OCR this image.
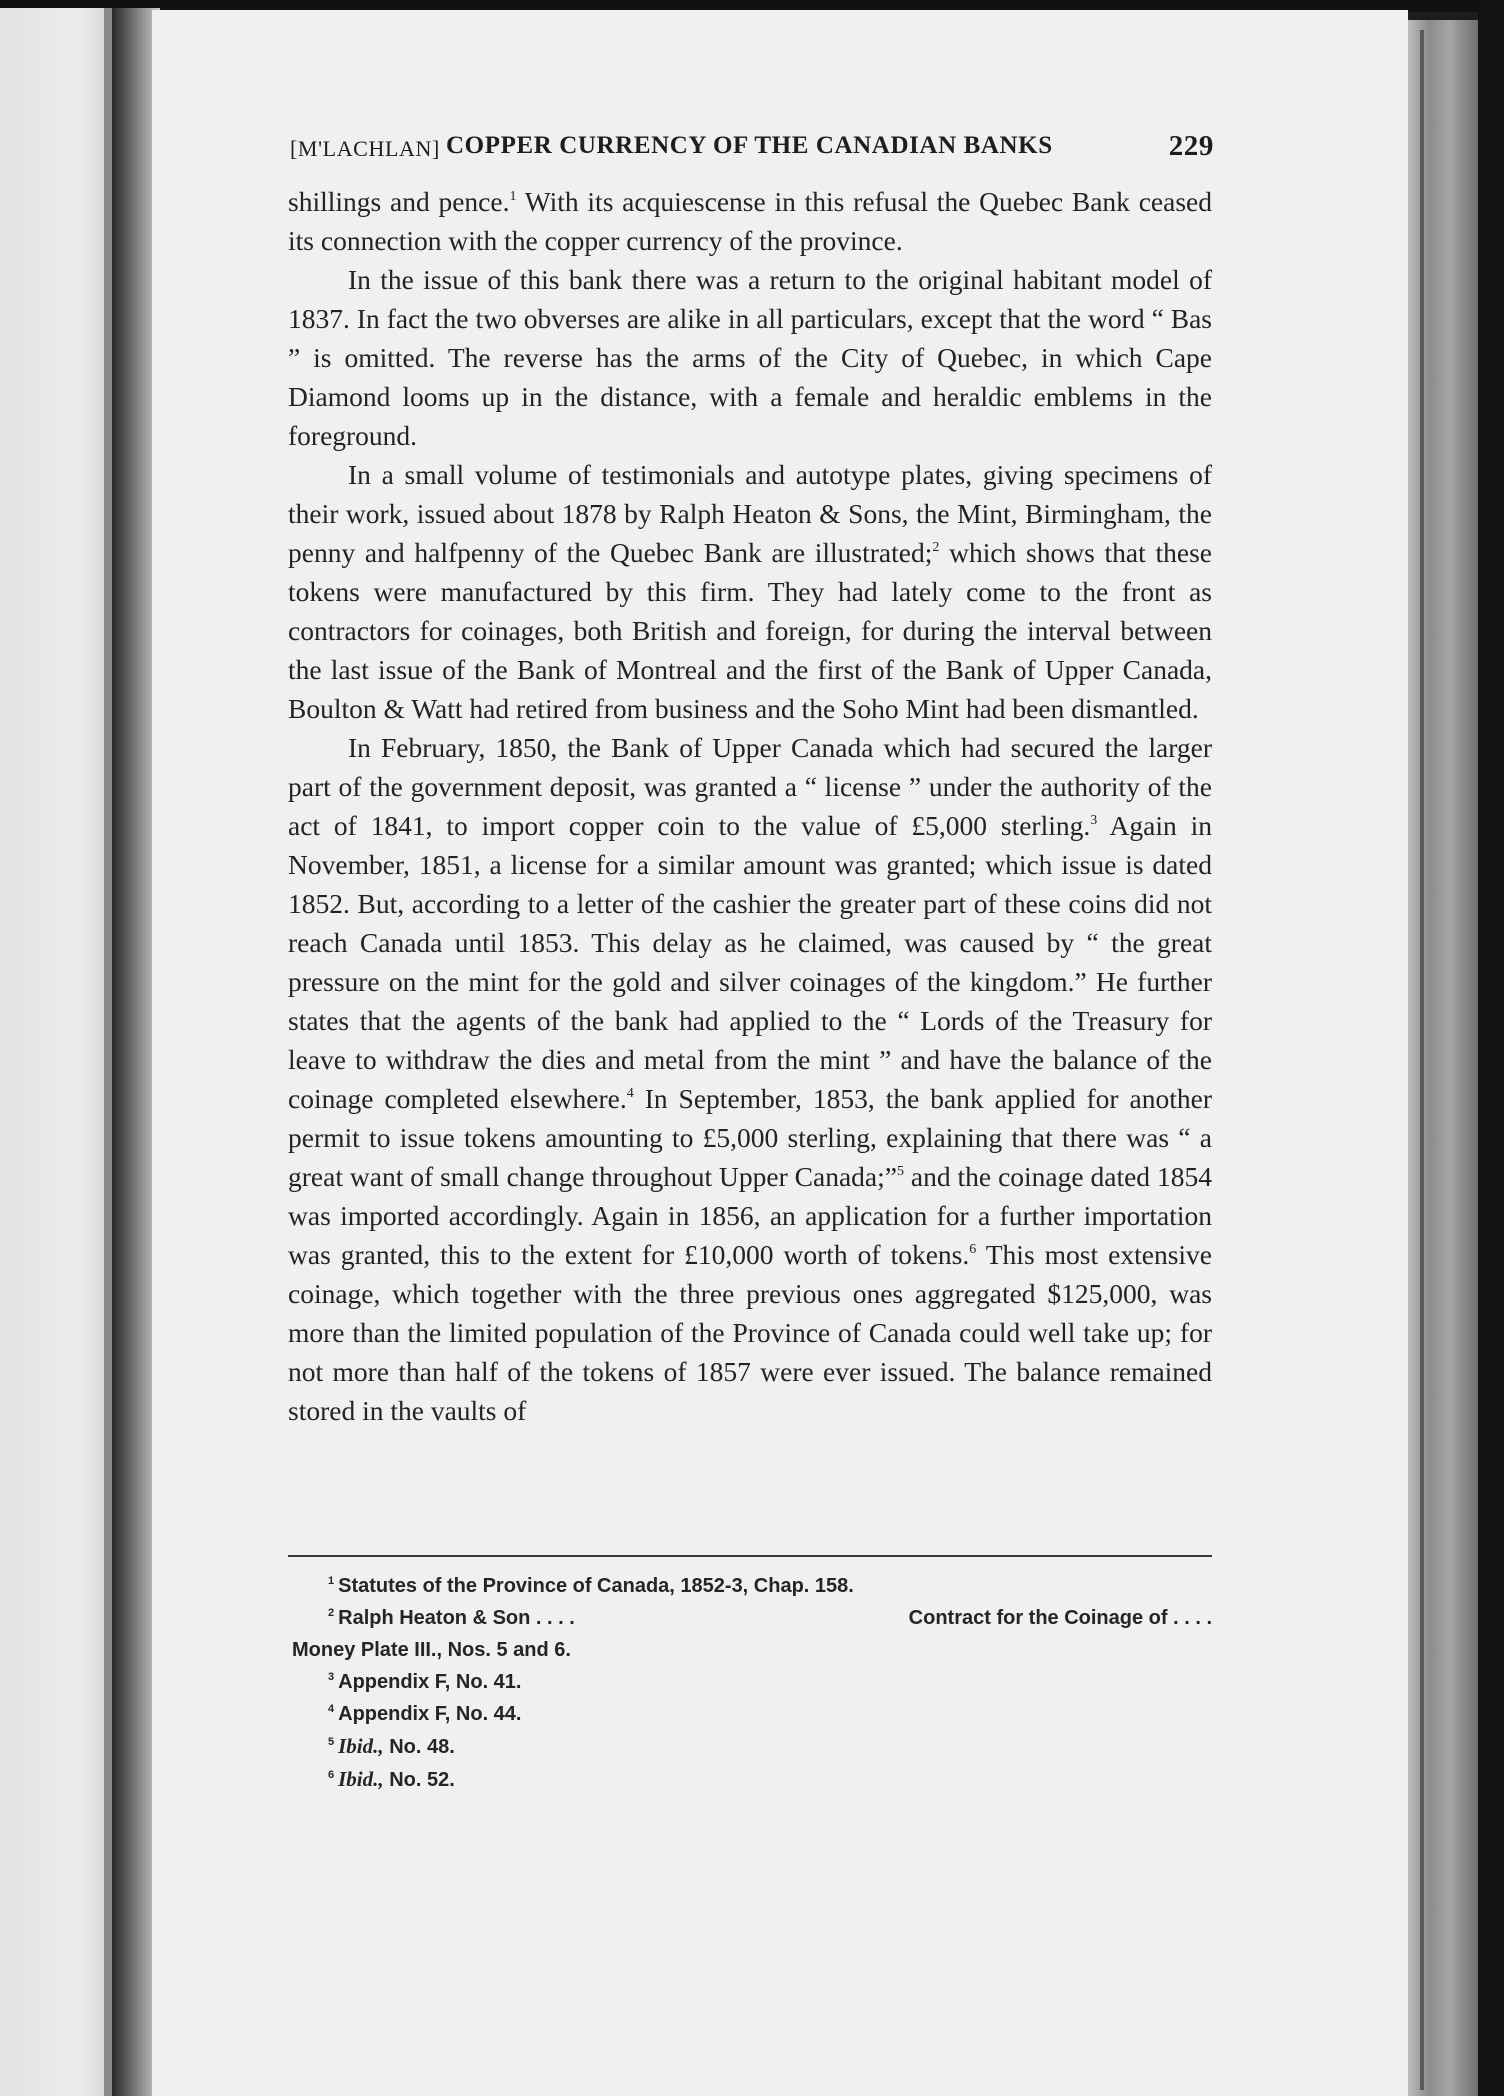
[M'LACHLAN] COPPER CURRENCY OF THE CANADIAN BANKS	229

shillings and pence.$^1$ With its acquiescense in this refusal the Quebec Bank ceased its connection with the copper currency of the province.

In the issue of this bank there was a return to the original habitant model of 1837. In fact the two obverses are alike in all particulars, except that the word “ Bas ” is omitted. The reverse has the arms of the City of Quebec, in which Cape Diamond looms up in the distance, with a female and heraldic emblems in the foreground.

In a small volume of testimonials and autotype plates, giving specimens of their work, issued about 1878 by Ralph Heaton & Sons, the Mint, Birmingham, the penny and halfpenny of the Quebec Bank are illustrated;$^2$ which shows that these tokens were manufactured by this firm. They had lately come to the front as contractors for coinages, both British and foreign, for during the interval between the last issue of the Bank of Montreal and the first of the Bank of Upper Canada, Boulton & Watt had retired from business and the Soho Mint had been dismantled.

In February, 1850, the Bank of Upper Canada which had secured the larger part of the government deposit, was granted a “ license ” under the authority of the act of 1841, to import copper coin to the value of £5,000 sterling.$^3$ Again in November, 1851, a license for a similar amount was granted; which issue is dated 1852. But, according to a letter of the cashier the greater part of these coins did not reach Canada until 1853. This delay as he claimed, was caused by “ the great pressure on the mint for the gold and silver coinages of the kingdom.” He further states that the agents of the bank had applied to the “ Lords of the Treasury for leave to withdraw the dies and metal from the mint ” and have the balance of the coinage completed elsewhere.$^4$ In September, 1853, the bank applied for another permit to issue tokens amounting to £5,000 sterling, explaining that there was “ a great want of small change throughout Upper Canada;”$^5$ and the coinage dated 1854 was imported accordingly. Again in 1856, an application for a further importation was granted, this to the extent for £10,000 worth of tokens.$^6$ This most extensive coinage, which together with the three previous ones aggregated $125,000, was more than the limited population of the Province of Canada could well take up; for not more than half of the tokens of 1857 were ever issued. The balance remained stored in the vaults of

$^1$ Statutes of the Province of Canada, 1852-3, Chap. 158.
$^2$ Ralph Heaton & Son . . . .	Contract for the Coinage of . . . .
Money Plate III., Nos. 5 and 6.
$^3$ Appendix F, No. 41.
$^4$ Appendix F, No. 44.
$^5$ Ibid., No. 48.
$^6$ Ibid., No. 52.
